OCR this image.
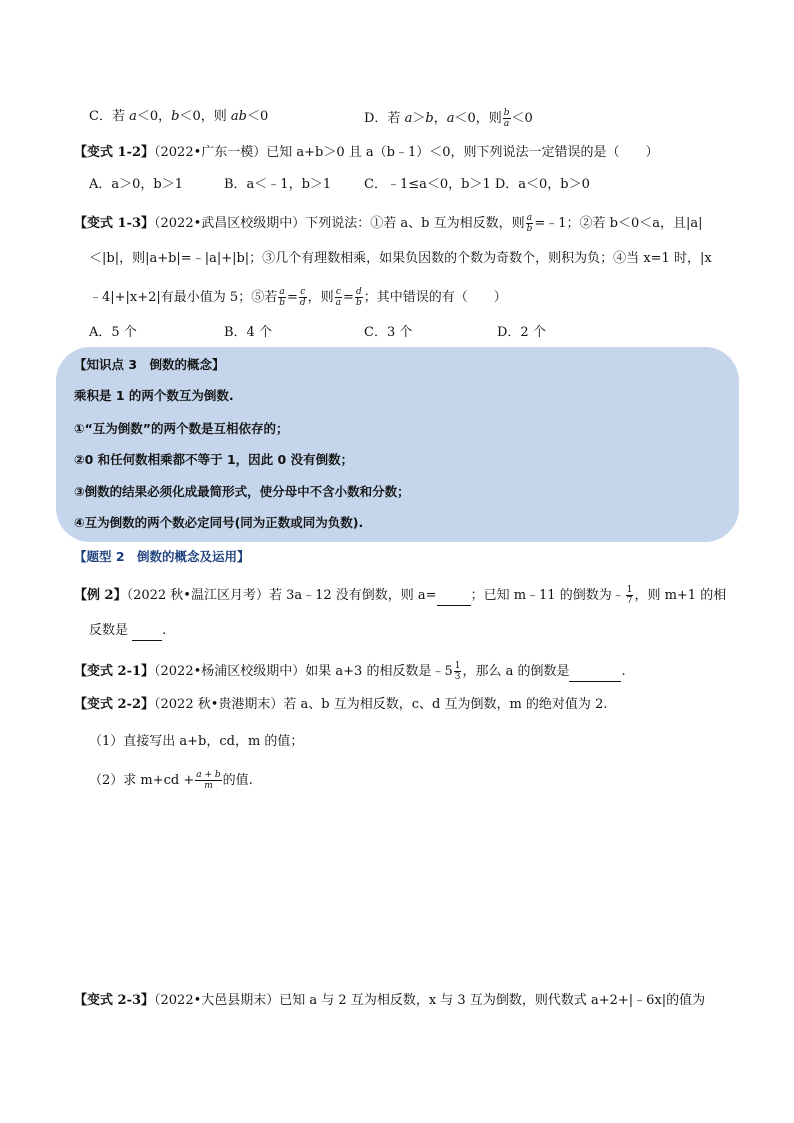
C．若 a＜0，b＜0，则 ab＜0	D．若 a＞b，a＜0，则 $\frac{b}{a} <0$
【变式 1-2】（2022•广东一模）已知 a+b＞0 且 a（b﹣1）＜0，则下列说法一定错误的是（　　）
A．a＞0，b＞1	B．a＜﹣1，b＞1	C．﹣1≤a＜0，b＞1 D．a＜0，b＞0
【变式 1-3】（2022•武昌区校级期中）下列说法：①若 a、b 互为相反数，则 $\frac{a}{b}$ =﹣1；②若 b＜0＜a，且|a|
＜|b|，则|a+b|=﹣|a|+|b|；③几个有理数相乘，如果负因数的个数为奇数个，则积为负；④当 x=1 时，|x
﹣4|+|x+2|有最小值为 5；⑤若 $\frac{a}{b} = \frac{c}{d}$ ，则 $\frac{c}{a} = \frac{d}{b}$ ；其中错误的有（　　）
A．5 个	B．4 个	C．3 个	D．2 个
【知识点 3　倒数的概念】
乘积是 1 的两个数互为倒数.
①“互为倒数”的两个数是互相依存的；
②0 和任何数相乘都不等于 1，因此 0 没有倒数；
③倒数的结果必须化成最简形式，使分母中不含小数和分数；
④互为倒数的两个数必定同号(同为正数或同为负数).
【题型 2　倒数的概念及运用】
【例 2】（2022 秋•温江区月考）若 3a﹣12 没有倒数，则 a=	；已知 m﹣11 的倒数为﹣ $\frac{1}{7}$ ，则 m+1 的相
反数是  .
【变式 2-1】（2022•杨浦区校级期中）如果 a+3 的相反数是﹣5 $\frac{1}{3}$ ，那么 a 的倒数是	.
【变式 2-2】（2022 秋•贵港期末）若 a、b 互为相反数，c、d 互为倒数，m 的绝对值为 2.
（1）直接写出 a+b，cd，m 的值；
（2）求 $m+cd + \frac{a + b}{m}$ 的值.
【变式 2-3】（2022•大邑县期末）已知 a 与 2 互为相反数，x 与 3 互为倒数，则代数式 a+2+|﹣6x|的值为
